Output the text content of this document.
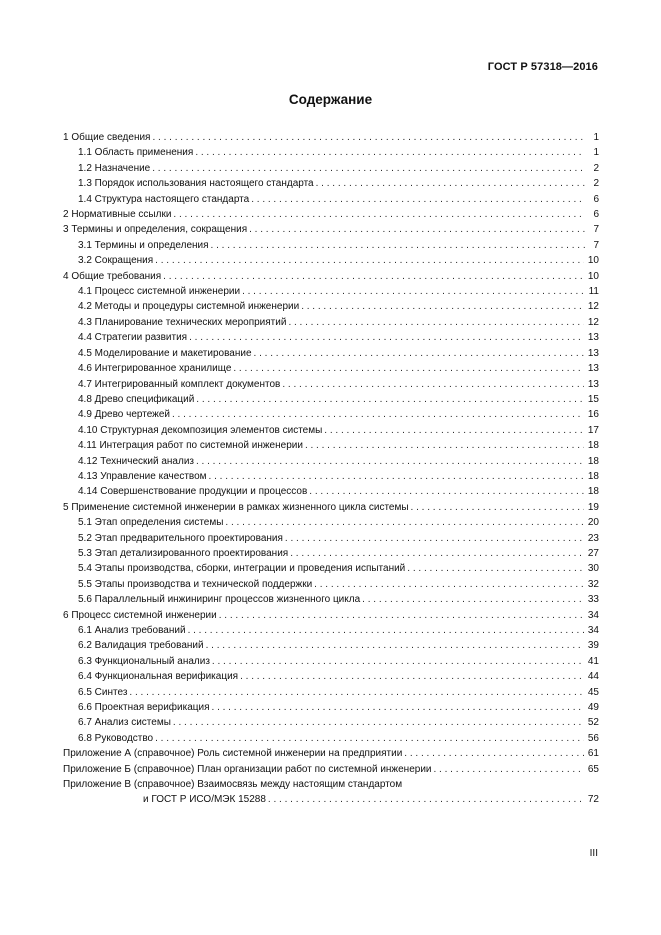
ГОСТ Р 57318—2016
Содержание
1 Общие сведения . . .	1
1.1 Область применения . . .	1
1.2 Назначение . . .	2
1.3 Порядок использования настоящего стандарта . . .	2
1.4 Структура настоящего стандарта . . .	6
2 Нормативные ссылки . . .	6
3 Термины и определения, сокращения . . .	7
3.1 Термины и определения . . .	7
3.2 Сокращения . . .	10
4 Общие требования . . .	10
4.1 Процесс системной инженерии . . .	11
4.2 Методы и процедуры системной инженерии . . .	12
4.3 Планирование технических мероприятий . . .	12
4.4 Стратегии развития . . .	13
4.5 Моделирование и макетирование . . .	13
4.6 Интегрированное хранилище . . .	13
4.7 Интегрированный комплект документов . . .	13
4.8 Древо спецификаций . . .	15
4.9 Древо чертежей . . .	16
4.10 Структурная декомпозиция элементов системы . . .	17
4.11 Интеграция работ по системной инженерии . . .	18
4.12 Технический анализ . . .	18
4.13 Управление качеством . . .	18
4.14 Совершенствование продукции и процессов . . .	18
5 Применение системной инженерии в рамках жизненного цикла системы . . .	19
5.1 Этап определения системы . . .	20
5.2 Этап предварительного проектирования . . .	23
5.3 Этап детализированного проектирования . . .	27
5.4 Этапы производства, сборки, интеграции и проведения испытаний . . .	30
5.5 Этапы производства и технической поддержки . . .	32
5.6 Параллельный инжиниринг процессов жизненного цикла . . .	33
6 Процесс системной инженерии . . .	34
6.1 Анализ требований . . .	34
6.2 Валидация требований . . .	39
6.3 Функциональный анализ . . .	41
6.4 Функциональная верификация . . .	44
6.5 Синтез . . .	45
6.6 Проектная верификация . . .	49
6.7 Анализ системы . . .	52
6.8 Руководство . . .	56
Приложение А (справочное) Роль системной инженерии на предприятии . . .	61
Приложение Б (справочное) План организации работ по системной инженерии . . .	65
Приложение В (справочное) Взаимосвязь между настоящим стандартом
и ГОСТ Р ИСО/МЭК 15288 . . .	72
III
